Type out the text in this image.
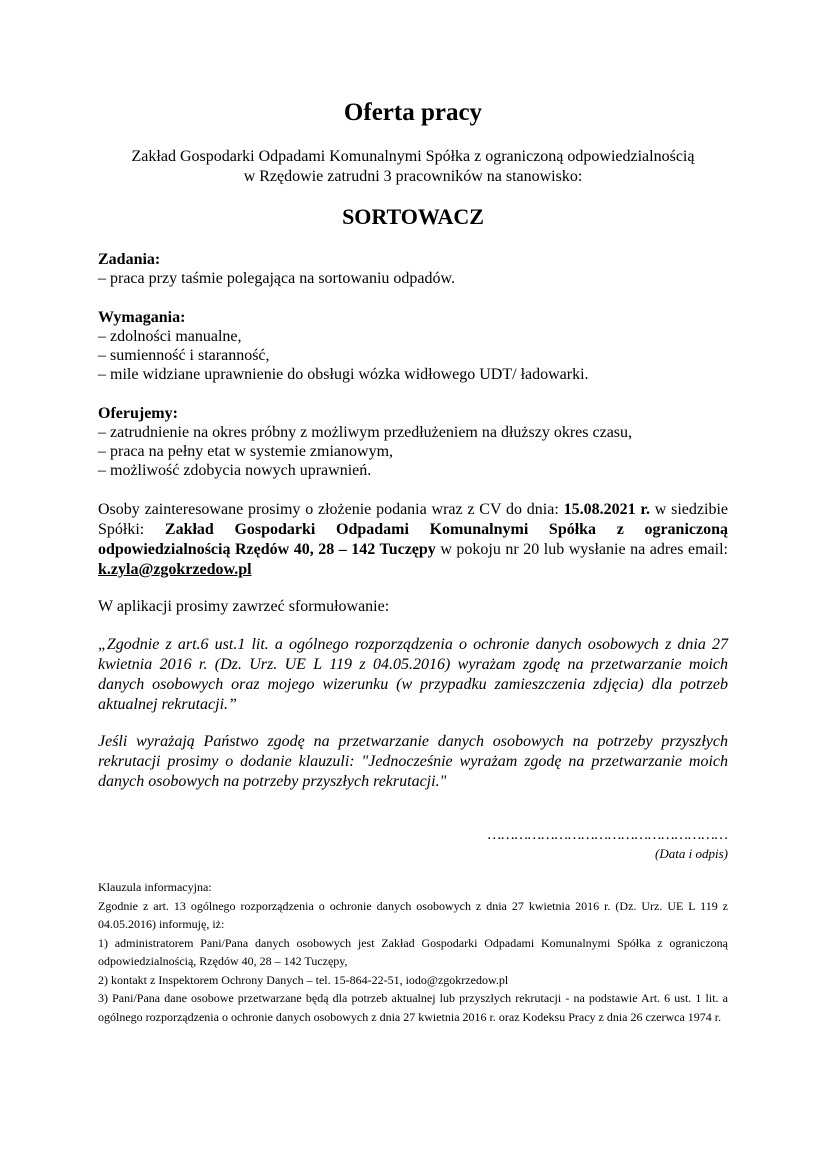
Oferta pracy

Zakład Gospodarki Odpadami Komunalnymi Spółka z ograniczoną odpowiedzialnością
w Rzędowie zatrudni 3 pracowników na stanowisko:

SORTOWACZ
Zadania:
– praca przy taśmie polegająca na sortowaniu odpadów.
Wymagania:
– zdolności manualne,
– sumienność i staranność,
– mile widziane uprawnienie do obsługi wózka widłowego UDT/ ładowarki.
Oferujemy:
– zatrudnienie na okres próbny z możliwym przedłużeniem na dłuższy okres czasu,
– praca na pełny etat w systemie zmianowym,
– możliwość zdobycia nowych uprawnień.

Osoby zainteresowane prosimy o złożenie podania wraz z CV do dnia: 15.08.2021 r. w siedzibie Spółki: Zakład Gospodarki Odpadami Komunalnymi Spółka z ograniczoną odpowiedzialnością Rzędów 40, 28 – 142 Tuczępy w pokoju nr 20 lub wysłanie na adres email: k.zyla@zgokrzedow.pl

W aplikacji prosimy zawrzeć sformułowanie:

„Zgodnie z art.6 ust.1 lit. a ogólnego rozporządzenia o ochronie danych osobowych z dnia 27 kwietnia 2016 r. (Dz. Urz. UE L 119 z 04.05.2016) wyrażam zgodę na przetwarzanie moich danych osobowych oraz mojego wizerunku (w przypadku zamieszczenia zdjęcia) dla potrzeb aktualnej rekrutacji.”

Jeśli wyrażają Państwo zgodę na przetwarzanie danych osobowych na potrzeby przyszłych rekrutacji prosimy o dodanie klauzuli: "Jednocześnie wyrażam zgodę na przetwarzanie moich danych osobowych na potrzeby przyszłych rekrutacji."

………………………………………………
(Data i odpis)
Klauzula informacyjna:
Zgodnie z art. 13 ogólnego rozporządzenia o ochronie danych osobowych z dnia 27 kwietnia 2016 r. (Dz. Urz. UE L 119 z 04.05.2016) informuję, iż:
1) administratorem Pani/Pana danych osobowych jest Zakład Gospodarki Odpadami Komunalnymi Spółka z ograniczoną odpowiedzialnością, Rzędów 40, 28 – 142 Tuczępy,
2) kontakt z Inspektorem Ochrony Danych – tel. 15-864-22-51, iodo@zgokrzedow.pl
3) Pani/Pana dane osobowe przetwarzane będą dla potrzeb aktualnej lub przyszłych rekrutacji - na podstawie Art. 6 ust. 1 lit. a ogólnego rozporządzenia o ochronie danych osobowych z dnia 27 kwietnia 2016 r. oraz Kodeksu Pracy z dnia 26 czerwca 1974 r.
